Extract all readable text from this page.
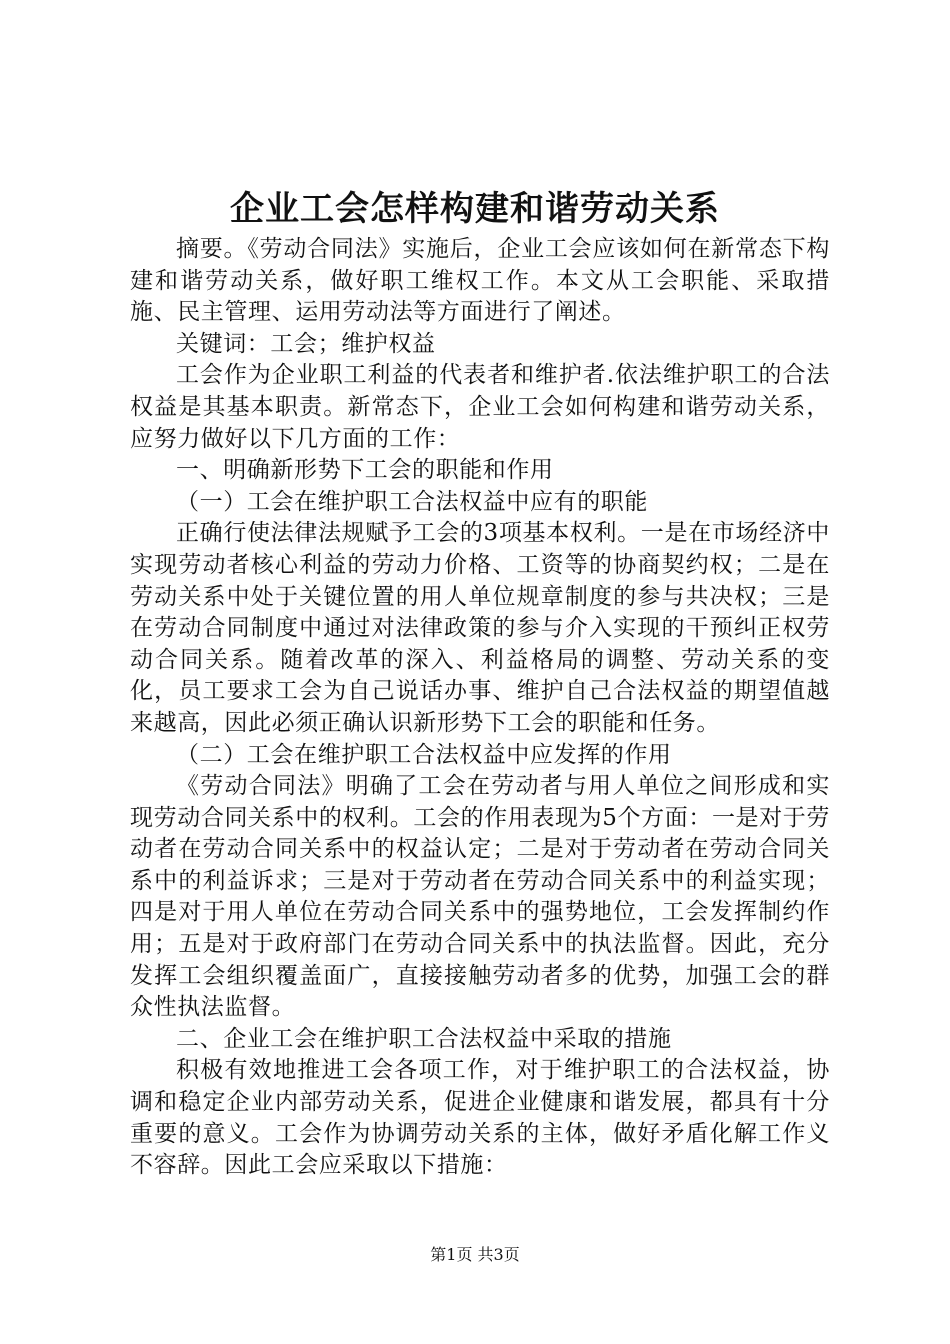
企业工会怎样构建和谐劳动关系

摘要。《劳动合同法》实施后，企业工会应该如何在新常态下构建和谐劳动关系，做好职工维权工作。本文从工会职能、采取措施、民主管理、运用劳动法等方面进行了阐述。

关键词：工会；维护权益

工会作为企业职工利益的代表者和维护者.依法维护职工的合法权益是其基本职责。新常态下，企业工会如何构建和谐劳动关系，应努力做好以下几方面的工作：

一、明确新形势下工会的职能和作用

（一）工会在维护职工合法权益中应有的职能

正确行使法律法规赋予工会的3项基本权利。一是在市场经济中实现劳动者核心利益的劳动力价格、工资等的协商契约权；二是在劳动关系中处于关键位置的用人单位规章制度的参与共决权；三是在劳动合同制度中通过对法律政策的参与介入实现的干预纠正权劳动合同关系。随着改革的深入、利益格局的调整、劳动关系的变化，员工要求工会为自己说话办事、维护自己合法权益的期望值越来越高，因此必须正确认识新形势下工会的职能和任务。

（二）工会在维护职工合法权益中应发挥的作用

《劳动合同法》明确了工会在劳动者与用人单位之间形成和实现劳动合同关系中的权利。工会的作用表现为5个方面：一是对于劳动者在劳动合同关系中的权益认定；二是对于劳动者在劳动合同关系中的利益诉求；三是对于劳动者在劳动合同关系中的利益实现；四是对于用人单位在劳动合同关系中的强势地位，工会发挥制约作用；五是对于政府部门在劳动合同关系中的执法监督。因此，充分发挥工会组织覆盖面广，直接接触劳动者多的优势，加强工会的群众性执法监督。

二、企业工会在维护职工合法权益中采取的措施

积极有效地推进工会各项工作，对于维护职工的合法权益，协调和稳定企业内部劳动关系，促进企业健康和谐发展，都具有十分重要的意义。工会作为协调劳动关系的主体，做好矛盾化解工作义不容辞。因此工会应采取以下措施：

第1页 共3页
